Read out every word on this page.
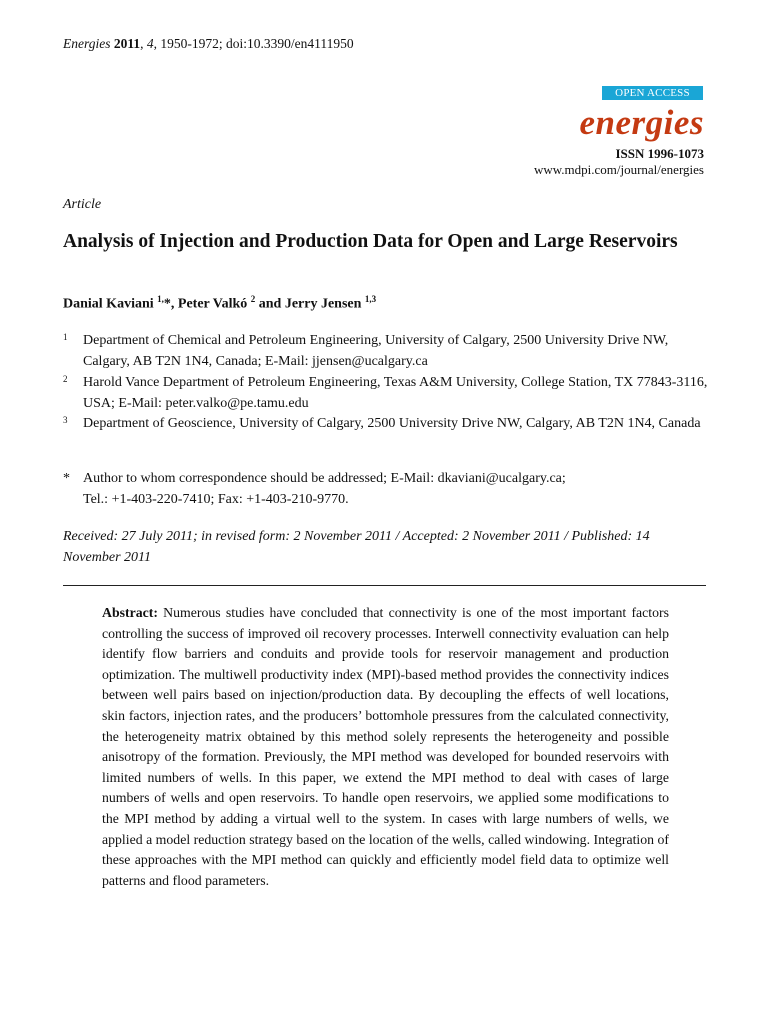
Energies 2011, 4, 1950-1972; doi:10.3390/en4111950
OPEN ACCESS
energies
ISSN 1996-1073
www.mdpi.com/journal/energies
Article
Analysis of Injection and Production Data for Open and Large Reservoirs
Danial Kaviani $^{1,}$*, Peter Valkó $^2$ and Jerry Jensen $^{1,3}$
1 Department of Chemical and Petroleum Engineering, University of Calgary, 2500 University Drive NW, Calgary, AB T2N 1N4, Canada; E-Mail: jjensen@ucalgary.ca
2 Harold Vance Department of Petroleum Engineering, Texas A&M University, College Station, TX 77843-3116, USA; E-Mail: peter.valko@pe.tamu.edu
3 Department of Geoscience, University of Calgary, 2500 University Drive NW, Calgary, AB T2N 1N4, Canada
* Author to whom correspondence should be addressed; E-Mail: dkaviani@ucalgary.ca;
Tel.: +1-403-220-7410; Fax: +1-403-210-9770.
Received: 27 July 2011; in revised form: 2 November 2011 / Accepted: 2 November 2011 / Published: 14 November 2011

Abstract: Numerous studies have concluded that connectivity is one of the most important factors controlling the success of improved oil recovery processes. Interwell connectivity evaluation can help identify flow barriers and conduits and provide tools for reservoir management and production optimization. The multiwell productivity index (MPI)-based method provides the connectivity indices between well pairs based on injection/production data. By decoupling the effects of well locations, skin factors, injection rates, and the producers’ bottomhole pressures from the calculated connectivity, the heterogeneity matrix obtained by this method solely represents the heterogeneity and possible anisotropy of the formation. Previously, the MPI method was developed for bounded reservoirs with limited numbers of wells. In this paper, we extend the MPI method to deal with cases of large numbers of wells and open reservoirs. To handle open reservoirs, we applied some modifications to the MPI method by adding a virtual well to the system. In cases with large numbers of wells, we applied a model reduction strategy based on the location of the wells, called windowing. Integration of these approaches with the MPI method can quickly and efficiently model field data to optimize well patterns and flood parameters.
